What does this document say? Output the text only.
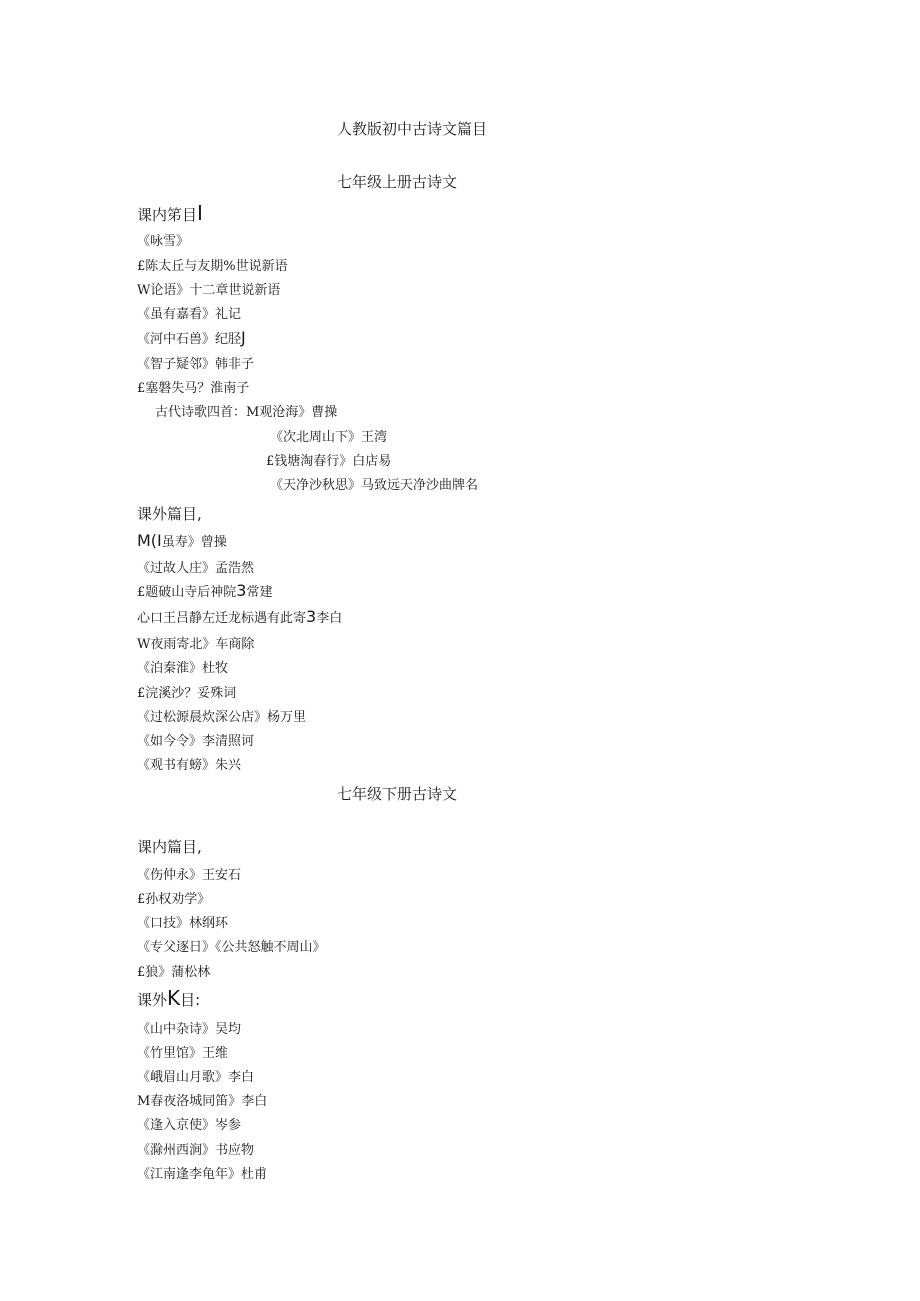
人教版初中古诗文篇目
七年级上册古诗文
课内笫目I
《咏雪》
£陈太丘与友期%世说新语
W论语》十二章世说新语
《虽有嘉看》礼记
《河中石兽》纪胫J
《智子疑邻》韩非子
£塞磐失马？淮南子
古代诗歌四首：M观沧海》曹操
《次北周山下》王湾
£钱塘淘春行》白店易
《天净沙秋思》马致远天净沙曲牌名
课外篇目,
M(I虽寿》曾操
《过故人庄》孟浩然
£题破山寺后神院3常建
心口王吕静左迁龙标遇有此寄3李白
W夜雨寄北》车商除
《泊秦淮》杜牧
£浣溪沙？妥殊词
《过松源晨炊深公店》杨万里
《如今令》李清照诃
《观书有螃》朱兴
七年级下册古诗文
课内篇目,
《伤仲永》王安石
£孙权劝学》
《口技》林纲环
《专父逐日》《公共怒触不周山》
£狼》蒲松林
课外K目:
《山中杂诗》吴均
《竹里馆》王维
《峨眉山月歌》李白
M春夜洛城同笛》李白
《逢入京使》岑参
《滁州西涧》书应物
《江南逢李龟年》杜甫
